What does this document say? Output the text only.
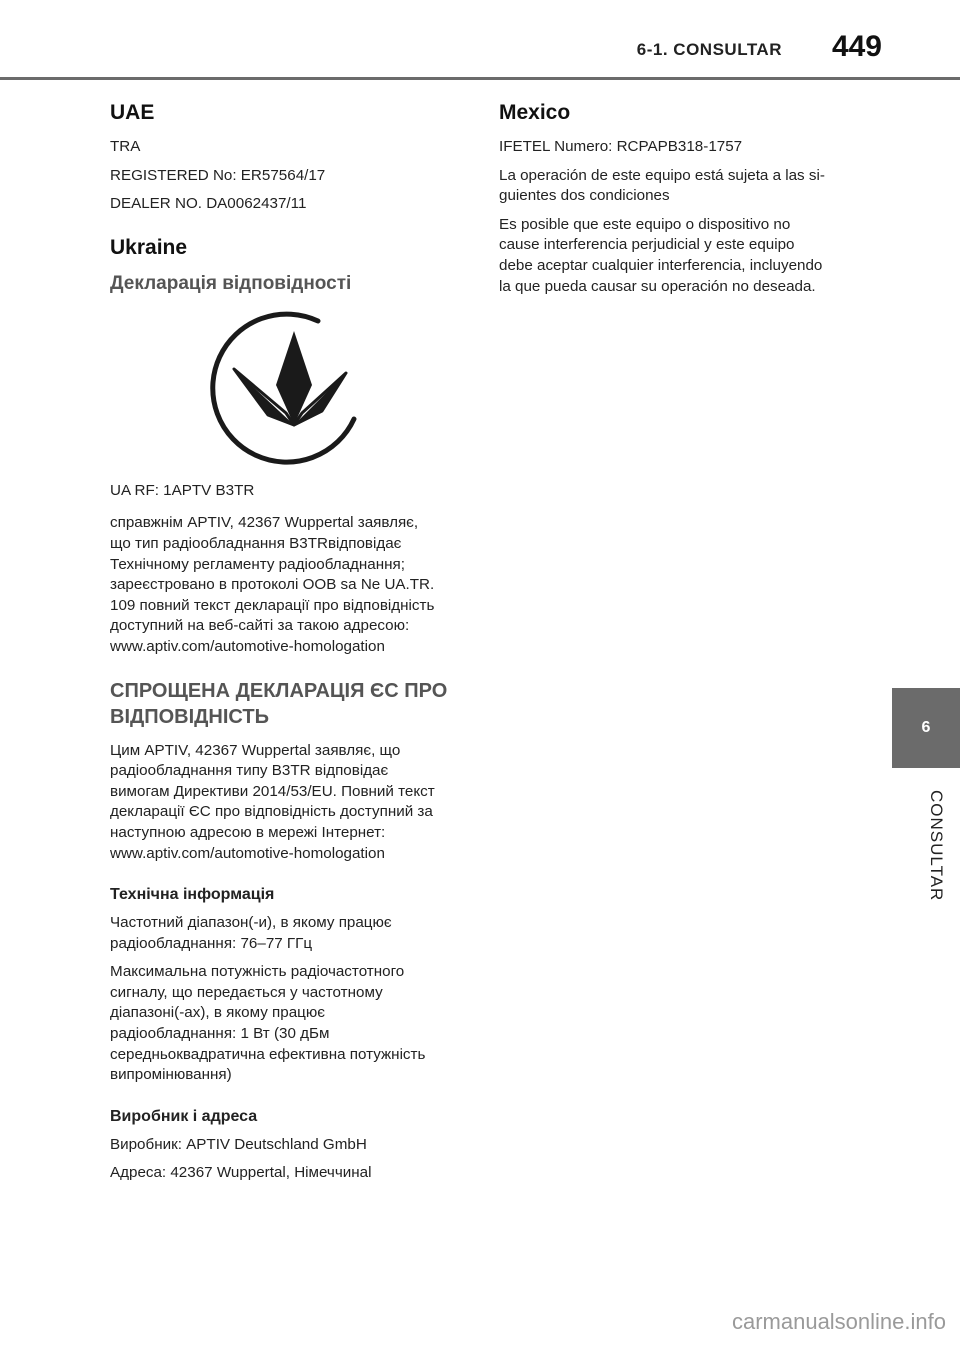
6-1. CONSULTAR 449
UAE

TRA

REGISTERED No: ER57564/17

DEALER NO. DA0062437/11

Ukraine
Декларація відповідності

UA RF: 1APTV B3TR

справжнім APTIV, 42367 Wuppertal заявляє,
що тип радіообладнання B3TRвідповідає
Технічному регламенту радіообладнання;
зареєстровано в протоколі ООВ sa Ne UA.TR.
109 повний текст декларації про відповідність
доступний на веб-сайті за такою адресою:
www.aptiv.com/automotive-homologation

СПРОЩЕНА ДЕКЛАРАЦІЯ ЄС ПРО
ВІДПОВІДНІСТЬ

Цим APTIV, 42367 Wuppertal заявляє, що
радіообладнання типу B3TR відповідає
вимогам Директиви 2014/53/EU. Повний текст
декларації ЄС про відповідність доступний за
наступною адресою в мережі Інтернет:
www.aptiv.com/automotive-homologation

Технічна інформація

Частотний діапазон(-и), в якому працює
радіообладнання: 76–77 ГГц

Максимальна потужність радіочастотного
сигналу, що передається у частотному
діапазоні(-ах), в якому працює
радіообладнання: 1 Вт (30 дБм
середньоквадратична ефективна потужність
випромінювання)

Виробник і адреса

Виробник: APTIV Deutschland GmbH

Адреса: 42367 Wuppertal, Німеччинаl

Mexico

IFETEL Numero: RCPAPB318-1757

La operación de este equipo está sujeta a las si-
guientes dos condiciones

Es posible que este equipo o dispositivo no
cause interferencia perjudicial y este equipo
debe aceptar cualquier interferencia, incluyendo
la que pueda causar su operación no deseada.

6
CONSULTAR
carmanualsonline.info
